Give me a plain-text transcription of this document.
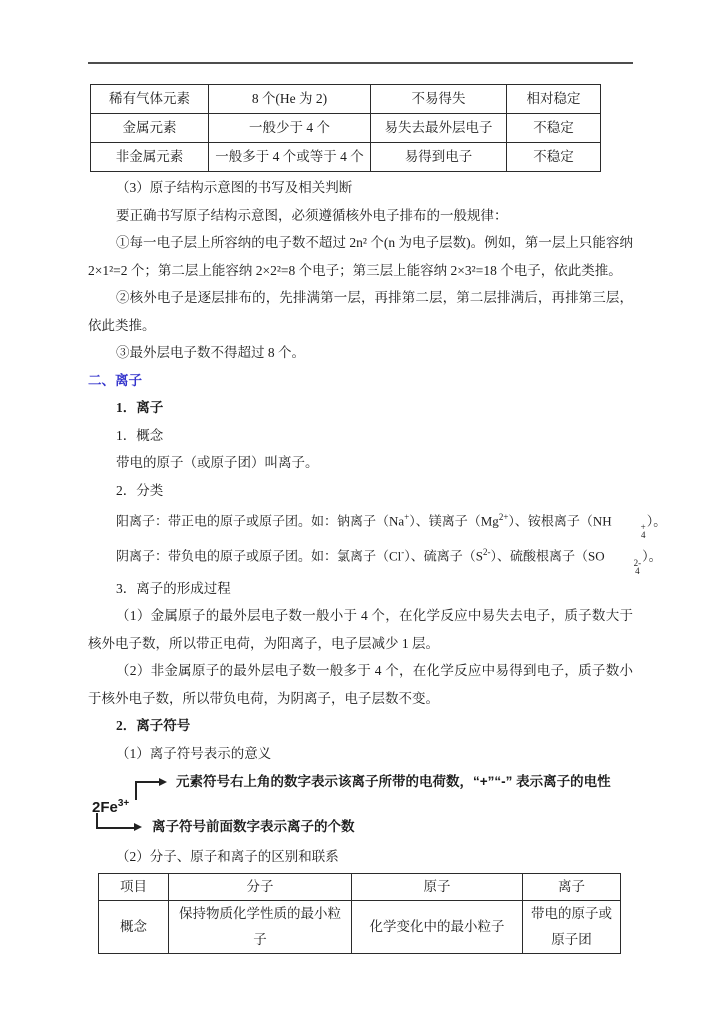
稀有气体元素	8 个(He 为 2)	不易得失	相对稳定
金属元素	一般少于 4 个	易失去最外层电子	不稳定
非金属元素	一般多于 4 个或等于 4 个	易得到电子	不稳定

（3）原子结构示意图的书写及相关判断

要正确书写原子结构示意图，必须遵循核外电子排布的一般规律：

①每一电子层上所容纳的电子数不超过 2n² 个(n 为电子层数)。例如，第一层上只能容纳 2×1²=2 个；第二层上能容纳 2×2²=8 个电子；第三层上能容纳 2×3²=18 个电子，依此类推。

②核外电子是逐层排布的，先排满第一层，再排第二层，第二层排满后，再排第三层，依此类推。

③最外层电子数不得超过 8 个。

二、离子

1．离子

1．概念

带电的原子（或原子团）叫离子。

2．分类

阳离子：带正电的原子或原子团。如：钠离子（Na+）、镁离子$(Mg^{2+})$、铵根离子（NH	+
4
）。

阴离子：带负电的原子或原子团。如：氯离子（Cl-）、硫离子$(S^{2-})$、硫酸根离子（SO	2-
4
）。

3．离子的形成过程

（1）金属原子的最外层电子数一般小于 4 个，在化学反应中易失去电子，质子数大于核外电子数，所以带正电荷，为阳离子，电子层减少 1 层。

（2）非金属原子的最外层电子数一般多于 4 个，在化学反应中易得到电子，质子数小于核外电子数，所以带负电荷，为阴离子，电子层数不变。

2．离子符号

（1）离子符号表示的意义

$2Fe^{3+}$
元素符号右上角的数字表示该离子所带的电荷数，“+”“-” 表示离子的电性
离子符号前面数字表示离子的个数

（2）分子、原子和离子的区别和联系

项目	分子	原子	离子
概念	保持物质化学性质的最小粒子	化学变化中的最小粒子	带电的原子或原子团
